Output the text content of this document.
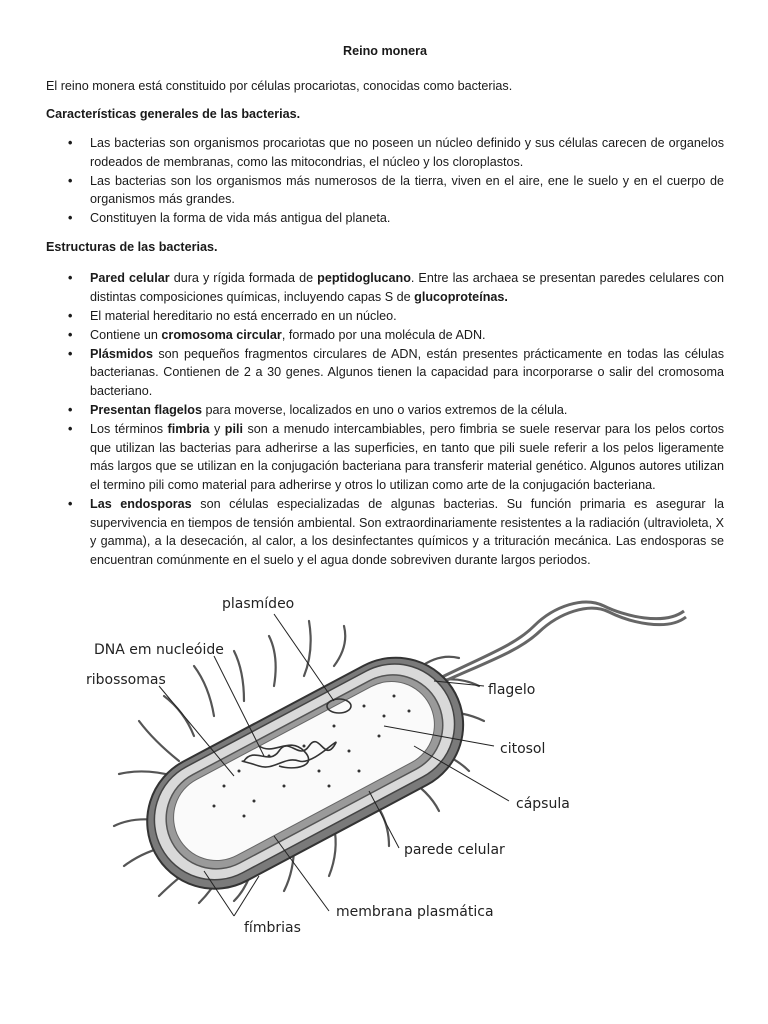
Reino monera
El reino monera está constituido por células procariotas, conocidas como bacterias.
Características generales de las bacterias.
• Las bacterias son organismos procariotas que no poseen un núcleo definido y sus células carecen de organelos rodeados de membranas, como las mitocondrias, el núcleo y los cloroplastos.
• Las bacterias son los organismos más numerosos de la tierra, viven en el aire, ene le suelo y en el cuerpo de organismos más grandes.
• Constituyen la forma de vida más antigua del planeta.
Estructuras de las bacterias.
• Pared celular dura y rígida formada de peptidoglucano. Entre las archaea se presentan paredes celulares con distintas composiciones químicas, incluyendo capas S de glucoproteínas.
• El material hereditario no está encerrado en un núcleo.
• Contiene un cromosoma circular, formado por una molécula de ADN.
• Plásmidos son pequeños fragmentos circulares de ADN, están presentes prácticamente en todas las células bacterianas. Contienen de 2 a 30 genes. Algunos tienen la capacidad para incorporarse o salir del cromosoma bacteriano.
• Presentan flagelos para moverse, localizados en uno o varios extremos de la célula.
• Los términos fimbria y pili son a menudo intercambiables, pero fimbria se suele reservar para los pelos cortos que utilizan las bacterias para adherirse a las superficies, en tanto que pili suele referir a los pelos ligeramente más largos que se utilizan en la conjugación bacteriana para transferir material genético. Algunos autores utilizan el termino pili como material para adherirse y otros lo utilizan como arte de la conjugación bacteriana.
• Las endosporas son células especializadas de algunas bacterias. Su función primaria es asegurar la supervivencia en tiempos de tensión ambiental. Son extraordinariamente resistentes a la radiación (ultravioleta, X y gamma), a la desecación, al calor, a los desinfectantes químicos y a trituración mecánica. Las endosporas se encuentran comúnmente en el suelo y el agua donde sobreviven durante largos periodos.
plasmídeo
DNA em nucleóide
ribossomas
flagelo
citosol
cápsula
parede celular
membrana plasmática
fímbrias
